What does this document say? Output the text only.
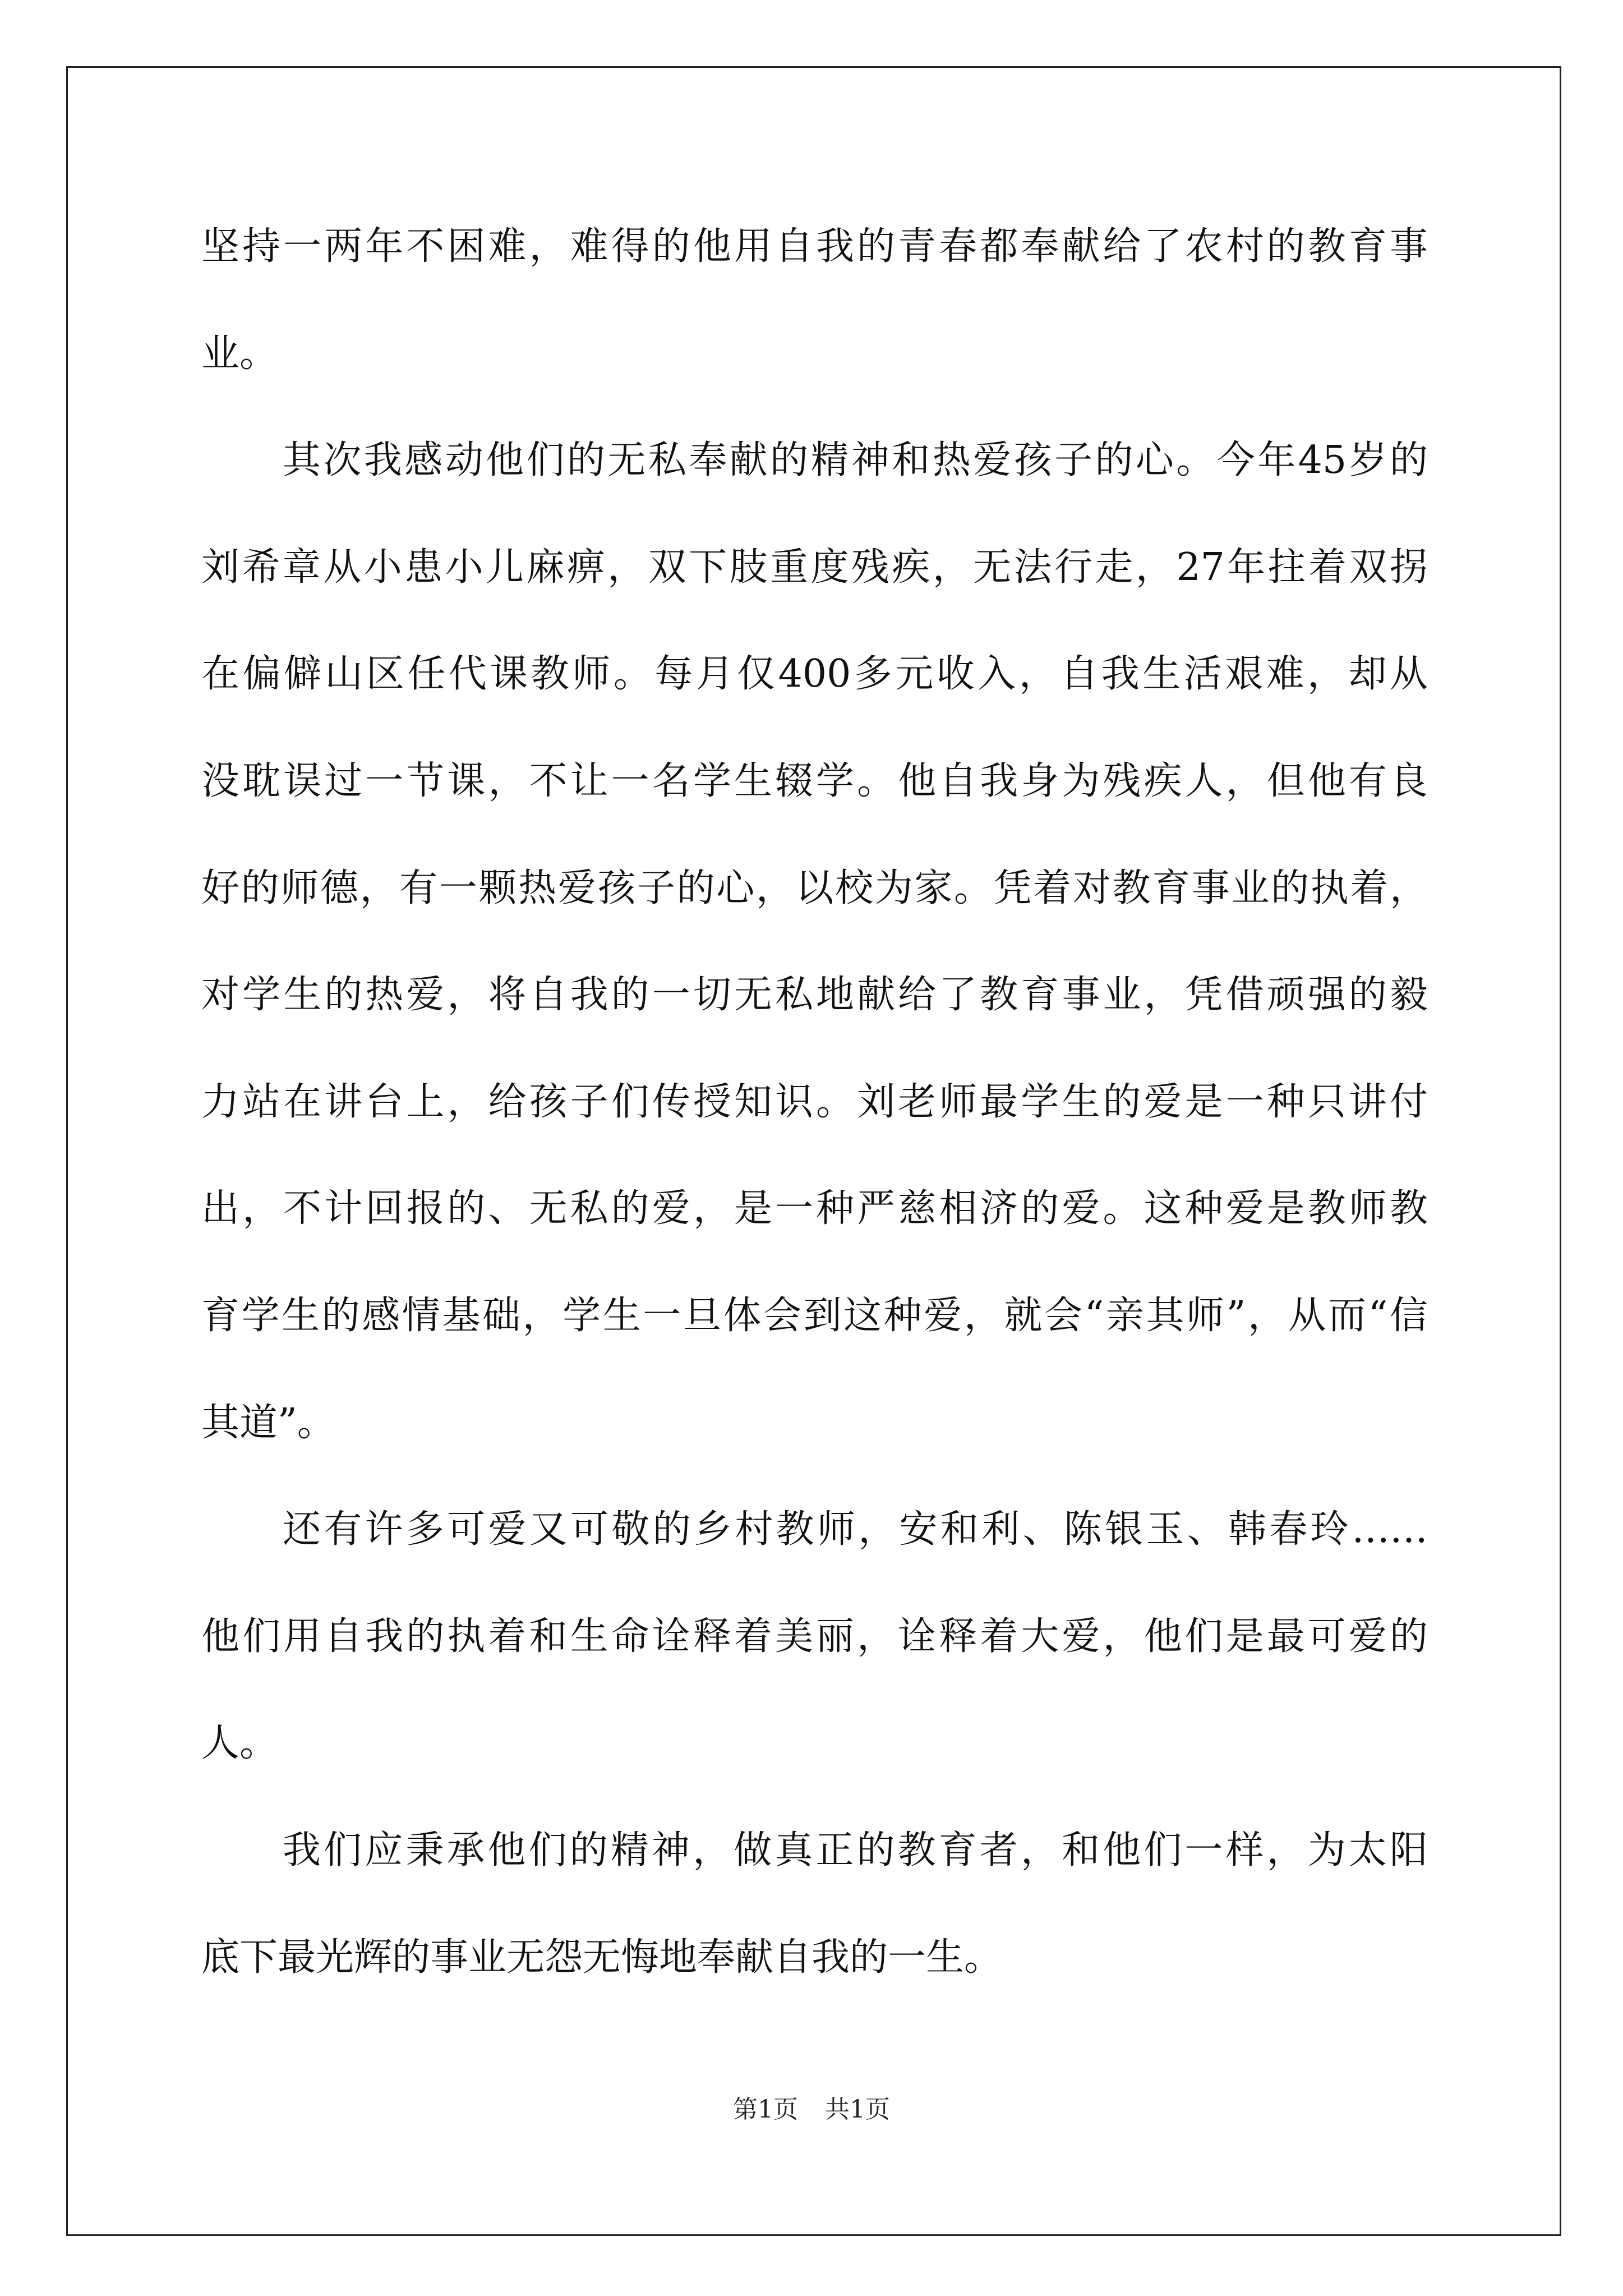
坚持一两年不困难，难得的他用自我的青春都奉献给了农村的教育事
业。
其次我感动他们的无私奉献的精神和热爱孩子的心。今年45岁的
刘希章从小患小儿麻痹，双下肢重度残疾，无法行走，27年拄着双拐
在偏僻山区任代课教师。每月仅400多元收入，自我生活艰难，却从
没耽误过一节课，不让一名学生辍学。他自我身为残疾人，但他有良
好的师德，有一颗热爱孩子的心，以校为家。凭着对教育事业的执着，
对学生的热爱，将自我的一切无私地献给了教育事业，凭借顽强的毅
力站在讲台上，给孩子们传授知识。刘老师最学生的爱是一种只讲付
出，不计回报的、无私的爱，是一种严慈相济的爱。这种爱是教师教
育学生的感情基础，学生一旦体会到这种爱，就会“亲其师”，从而“信
其道”。
还有许多可爱又可敬的乡村教师，安和利、陈银玉、韩春玲……
他们用自我的执着和生命诠释着美丽，诠释着大爱，他们是最可爱的
人。
我们应秉承他们的精神，做真正的教育者，和他们一样，为太阳
底下最光辉的事业无怨无悔地奉献自我的一生。
第1页 共1页
